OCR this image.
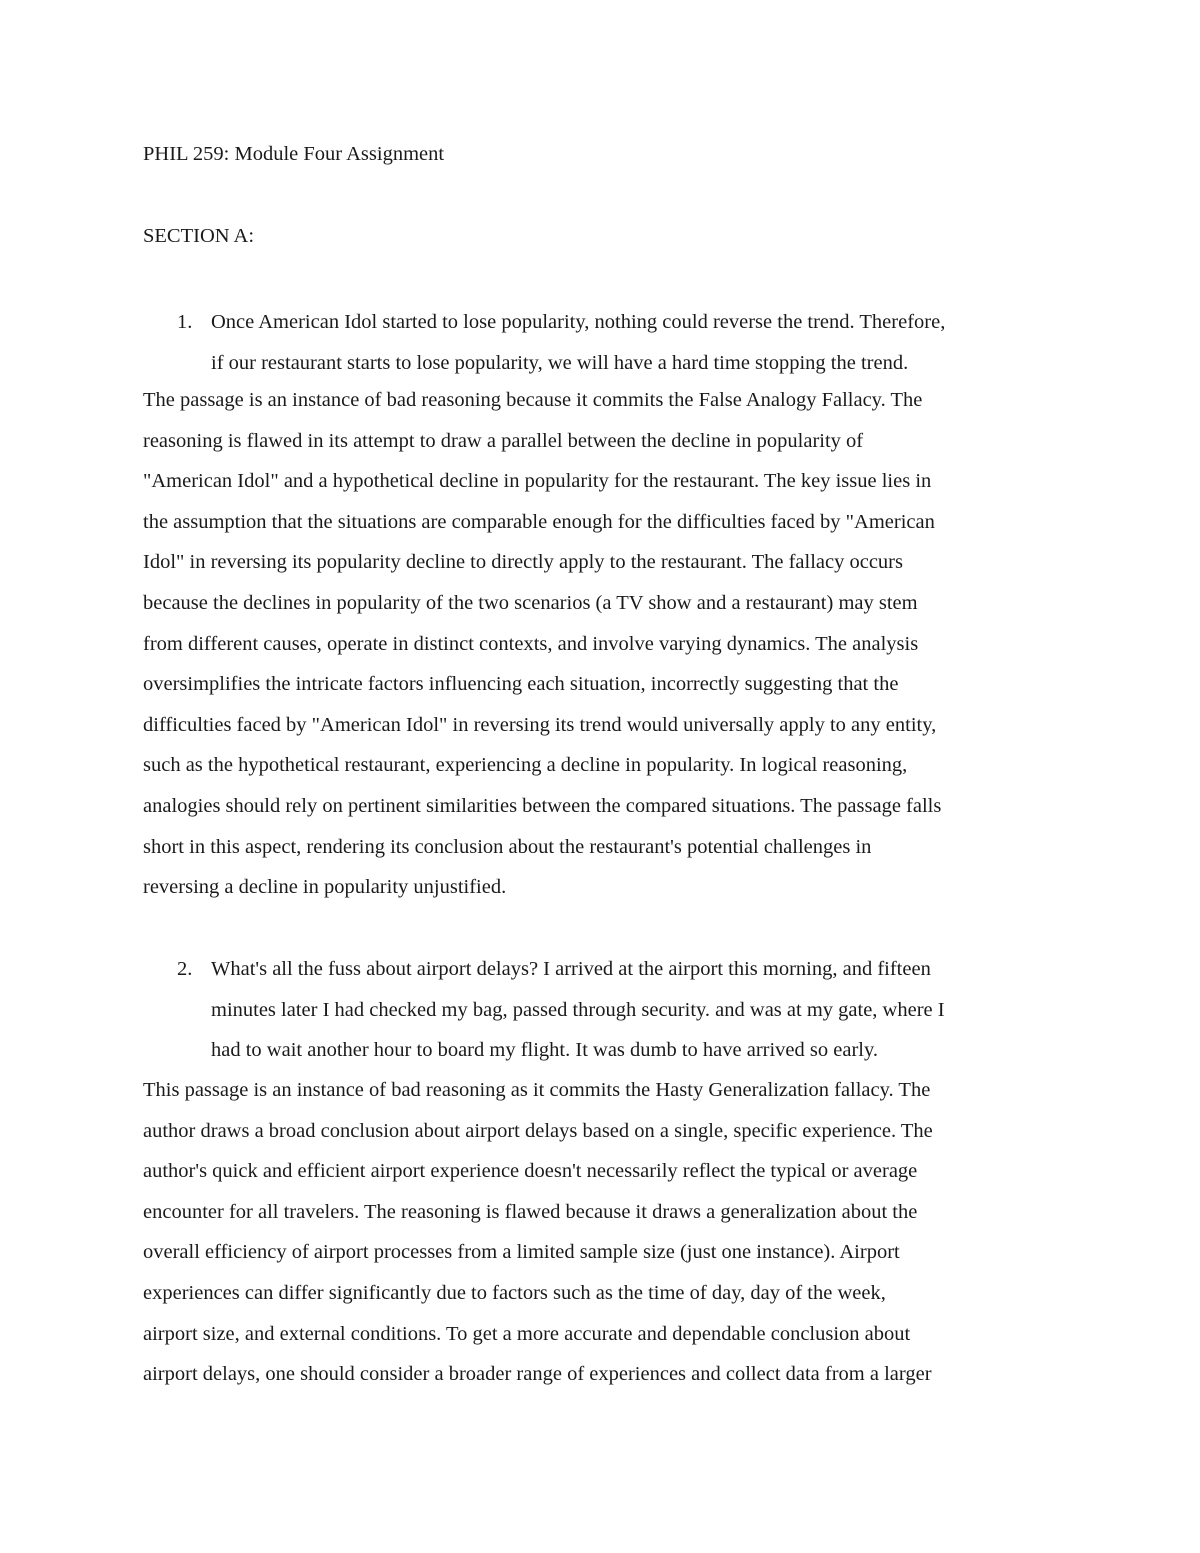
PHIL 259: Module Four Assignment
SECTION A:
1. Once American Idol started to lose popularity, nothing could reverse the trend. Therefore,
if our restaurant starts to lose popularity, we will have a hard time stopping the trend.
The passage is an instance of bad reasoning because it commits the False Analogy Fallacy. The
reasoning is flawed in its attempt to draw a parallel between the decline in popularity of
"American Idol" and a hypothetical decline in popularity for the restaurant. The key issue lies in
the assumption that the situations are comparable enough for the difficulties faced by "American
Idol" in reversing its popularity decline to directly apply to the restaurant. The fallacy occurs
because the declines in popularity of the two scenarios (a TV show and a restaurant) may stem
from different causes, operate in distinct contexts, and involve varying dynamics. The analysis
oversimplifies the intricate factors influencing each situation, incorrectly suggesting that the
difficulties faced by "American Idol" in reversing its trend would universally apply to any entity,
such as the hypothetical restaurant, experiencing a decline in popularity. In logical reasoning,
analogies should rely on pertinent similarities between the compared situations. The passage falls
short in this aspect, rendering its conclusion about the restaurant's potential challenges in
reversing a decline in popularity unjustified.
2. What's all the fuss about airport delays? I arrived at the airport this morning, and fifteen
minutes later I had checked my bag, passed through security. and was at my gate, where I
had to wait another hour to board my flight. It was dumb to have arrived so early.
This passage is an instance of bad reasoning as it commits the Hasty Generalization fallacy. The
author draws a broad conclusion about airport delays based on a single, specific experience. The
author's quick and efficient airport experience doesn't necessarily reflect the typical or average
encounter for all travelers. The reasoning is flawed because it draws a generalization about the
overall efficiency of airport processes from a limited sample size (just one instance). Airport
experiences can differ significantly due to factors such as the time of day, day of the week,
airport size, and external conditions. To get a more accurate and dependable conclusion about
airport delays, one should consider a broader range of experiences and collect data from a larger
